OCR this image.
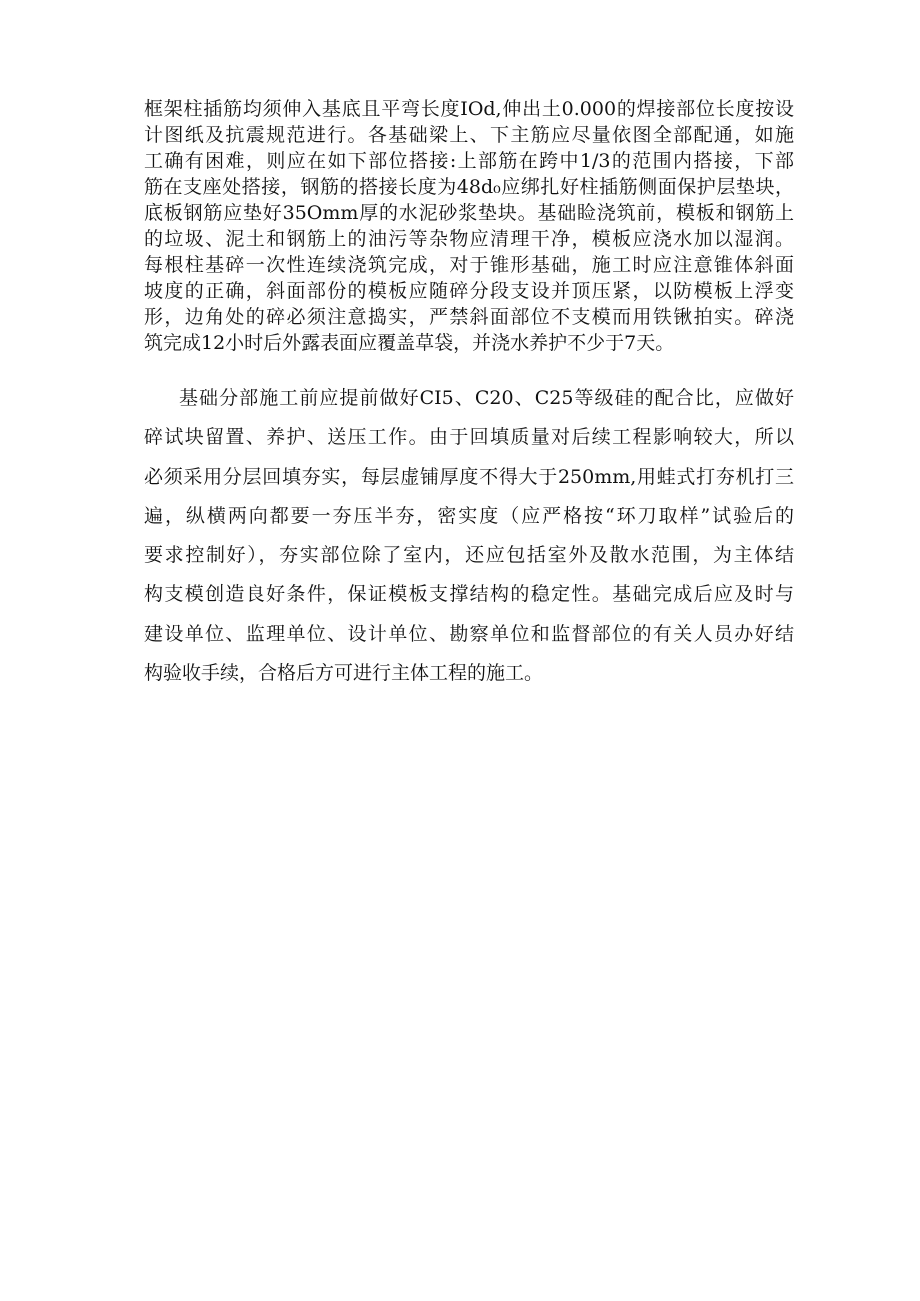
框架柱插筋均须伸入基底且平弯长度IOd,伸出土0.000的焊接部位长度按设
计图纸及抗震规范进行。各基础梁上、下主筋应尽量依图全部配通，如施
工确有困难，则应在如下部位搭接:上部筋在跨中1/3的范围内搭接，下部
筋在支座处搭接，钢筋的搭接长度为48d₀应绑扎好柱插筋侧面保护层垫块，
底板钢筋应垫好35Omm厚的水泥砂浆垫块。基础睑浇筑前，模板和钢筋上
的垃圾、泥土和钢筋上的油污等杂物应清理干净，模板应浇水加以湿润。
每根柱基碎一次性连续浇筑完成，对于锥形基础，施工时应注意锥体斜面
坡度的正确，斜面部份的模板应随碎分段支设并顶压紧，以防模板上浮变
形，边角处的碎必须注意捣实，严禁斜面部位不支模而用铁锹拍实。碎浇
筑完成12小时后外露表面应覆盖草袋，并浇水养护不少于7天。
基础分部施工前应提前做好CI5、C20、C25等级硅的配合比，应做好
碎试块留置、养护、送压工作。由于回填质量对后续工程影响较大，所以
必须采用分层回填夯实，每层虚铺厚度不得大于250mm,用蛙式打夯机打三
遍，纵横两向都要一夯压半夯，密实度（应严格按“环刀取样”试验后的
要求控制好），夯实部位除了室内，还应包括室外及散水范围，为主体结
构支模创造良好条件，保证模板支撑结构的稳定性。基础完成后应及时与
建设单位、监理单位、设计单位、勘察单位和监督部位的有关人员办好结
构验收手续，合格后方可进行主体工程的施工。
